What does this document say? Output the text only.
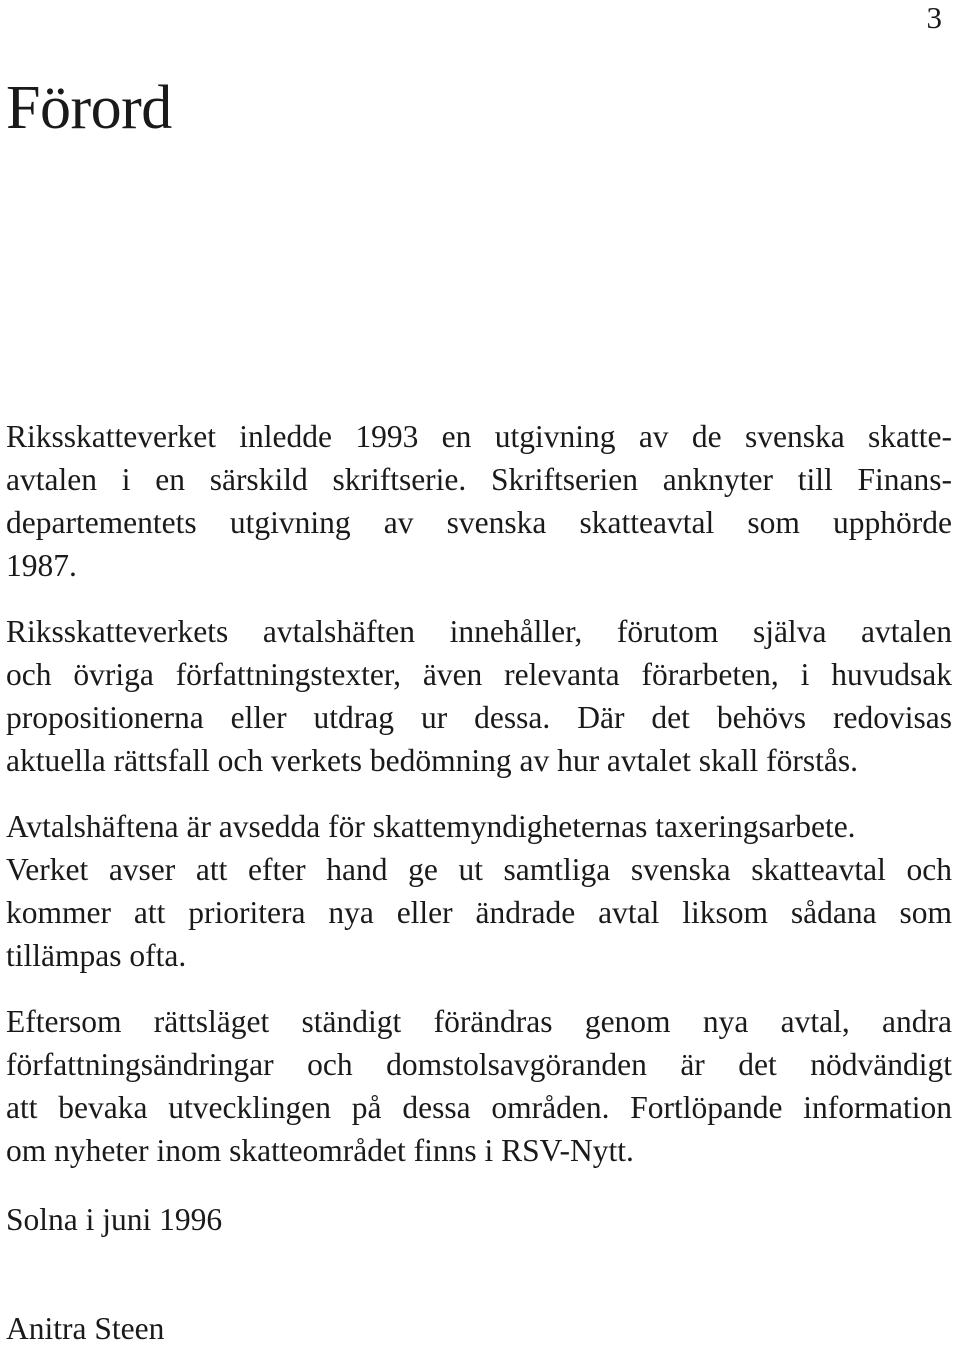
3
Förord
Riksskatteverket inledde 1993 en utgivning av de svenska skatte-
avtalen i en särskild skriftserie. Skriftserien anknyter till Finans-
departementets utgivning av svenska skatteavtal som upphörde
1987.
Riksskatteverkets avtalshäften innehåller, förutom själva avtalen
och övriga författningstexter, även relevanta förarbeten, i huvudsak
propositionerna eller utdrag ur dessa. Där det behövs redovisas
aktuella rättsfall och verkets bedömning av hur avtalet skall förstås.
Avtalshäftena är avsedda för skattemyndigheternas taxeringsarbete.
Verket avser att efter hand ge ut samtliga svenska skatteavtal och
kommer att prioritera nya eller ändrade avtal liksom sådana som
tillämpas ofta.
Eftersom rättsläget ständigt förändras genom nya avtal, andra
författningsändringar och domstolsavgöranden är det nödvändigt
att bevaka utvecklingen på dessa områden. Fortlöpande information
om nyheter inom skatteområdet finns i RSV-Nytt.
Solna i juni 1996
Anitra Steen
